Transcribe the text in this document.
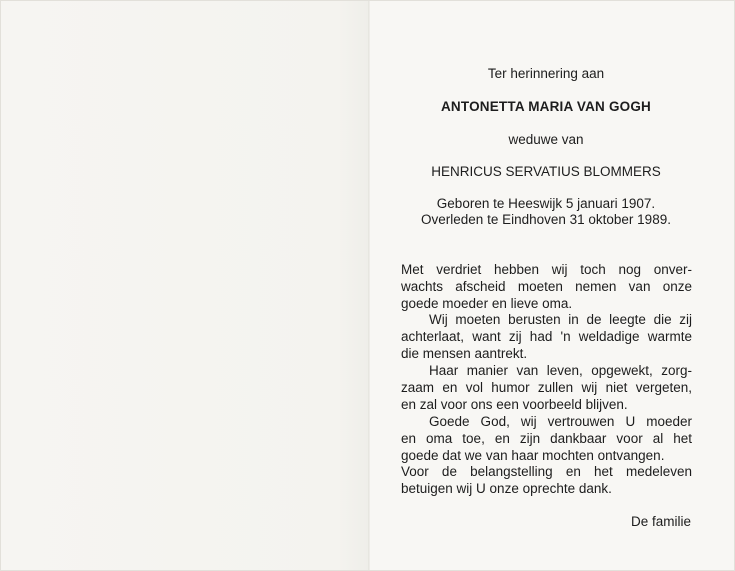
Ter herinnering aan
ANTONETTA MARIA VAN GOGH
weduwe van
HENRICUS SERVATIUS BLOMMERS
Geboren te Heeswijk 5 januari 1907.
Overleden te Eindhoven 31 oktober 1989.
Met verdriet hebben wij toch nog onver-
wachts afscheid moeten nemen van onze
goede moeder en lieve oma.
Wij moeten berusten in de leegte die zij
achterlaat, want zij had 'n weldadige warmte
die mensen aantrekt.
Haar manier van leven, opgewekt, zorg-
zaam en vol humor zullen wij niet vergeten,
en zal voor ons een voorbeeld blijven.
Goede God, wij vertrouwen U moeder
en oma toe, en zijn dankbaar voor al het
goede dat we van haar mochten ontvangen.
Voor de belangstelling en het medeleven
betuigen wij U onze oprechte dank.
De familie
